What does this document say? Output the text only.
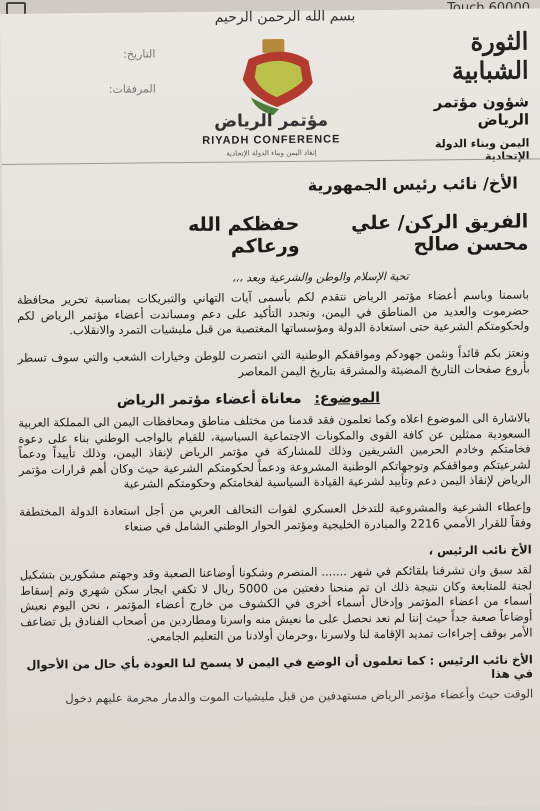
بسم الله الرحمن الرحيم
الثورة الشبابية
شؤون مؤتمر الرياض
اليمن وبناء الدولة الإتحادية
التاريخ:
المرفقات:
مؤتمر الرياض
RIYADH CONFERENCE
إنقاذ اليمن وبناء الدولة الإتحادية
الأخ/ نائب رئيس الجمهورية
الفريق الركن/ علي محسن صالح
حفظكم الله ورعاكم
تحية الإسلام والوطن والشرعية وبعد ،،،

باسمنا وباسم أعضاء مؤتمر الرياض نتقدم لكم بأسمى آيات التهاني والتبريكات بمناسبة تحرير محافظة حضرموت والعديد من المناطق في اليمن، ونجدد التأكيد على دعم ومساندت أعضاء مؤتمر الرياض لكم ولحكومتكم الشرعية حتى استعادة الدولة ومؤسساتها المغتصبة من قبل مليشيات التمرد والانقلاب.

ونعتز بكم قائداً ونثمن جهودكم ومواقفكم الوطنية التي انتصرت للوطن وخيارات الشعب والتي سوف تسطر بأروع صفحات التاريخ المضيئة والمشرقة بتاريخ اليمن المعاصر

الموضوع: معاناة أعضاء مؤتمر الرياض

بالاشارة الى الموضوع اعلاه وكما تعلمون فقد قدمنا من مختلف مناطق ومحافظات اليمن الى المملكة العربية السعودية ممثلين عن كافة القوى والمكونات الاجتماعية السياسية، للقيام بالواجب الوطني بناء على دعوة فخامتكم وخادم الحرمين الشريفين وذلك للمشاركة في مؤتمر الرياض لإنقاذ اليمن، وذلك تأييداً ودعماً لشرعيتكم ومواقفكم وتوجهاتكم الوطنية المشروعة ودعماً لحكومتكم الشرعية حيث وكان أهم قرارات مؤتمر الرياض لإنقاذ اليمن دعم وتأييد لشرعية القيادة السياسية لفخامتكم وحكومتكم الشرعية

وإعطاء الشرعية والمشروعية للتدخل العسكري لقوات التحالف العربي من أجل استعادة الدولة المختطفة وفقاً للقرار الأممي 2216 والمبادرة الخليجية ومؤتمر الحوار الوطني الشامل في صنعاء

الأخ نائب الرئيس ،

لقد سبق وان تشرفنا بلقائكم في شهر ....... المنصرم وشكونا أوضاعنا الصعبة وقد وجهتم مشكورين بتشكيل لجنة للمتابعة وكان نتيجة ذلك ان تم منحنا دفعتين من 5000 ريال لا تكفي ايجار سكن شهري وتم إسقاط أسماء من اعضاء المؤتمر وإدخال أسماء أخرى في الكشوف من خارج أعضاء المؤتمر ، نحن اليوم نعيش أوضاعاً صعبة جداً حيث إننا لم نعد نحصل على ما نعيش منه واسرنا ومطاردين من أصحاب الفنادق بل تضاعف الأمر بوقف إجراءات تمديد الإقامة لنا ولاسرنا ،وحرمان أولادنا من التعليم الجامعي.

الأخ نائب الرئيس : كما تعلمون أن الوضع في اليمن لا يسمح لنا العودة بأي حال من الأحوال في هذا

الوقت حيث وأعضاء مؤتمر الرياض مستهدفين من قبل مليشيات الموت والدمار محرمة عليهم دخول
